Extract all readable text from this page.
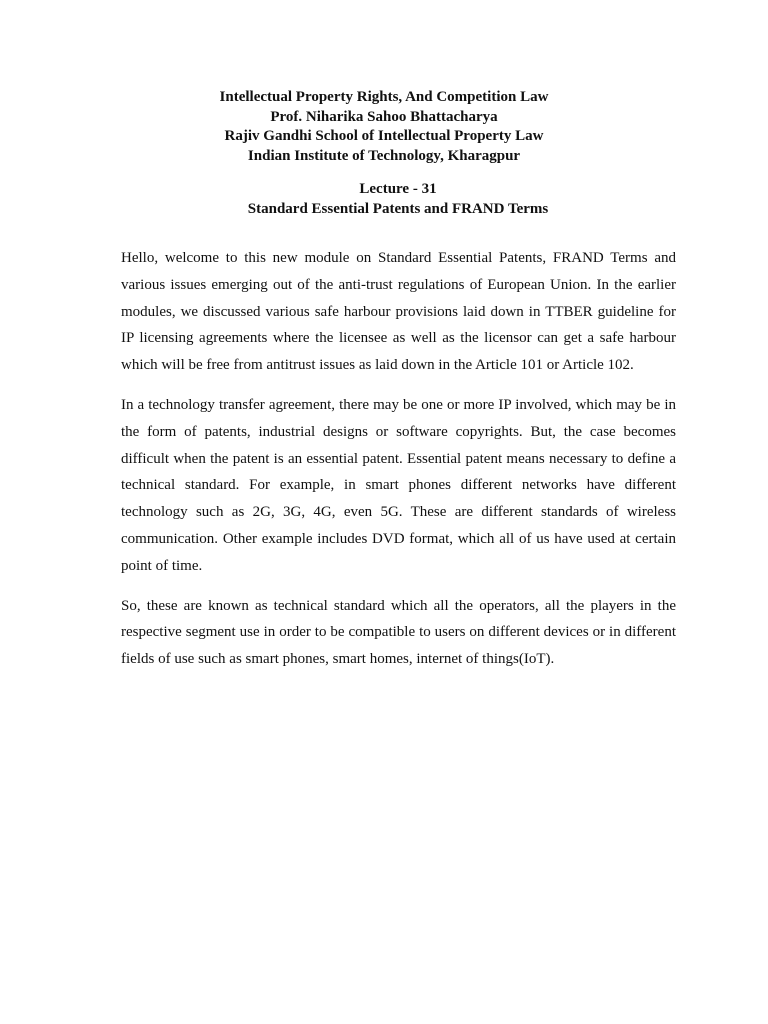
Intellectual Property Rights, And Competition Law
Prof. Niharika Sahoo Bhattacharya
Rajiv Gandhi School of Intellectual Property Law
Indian Institute of Technology, Kharagpur
Lecture - 31
Standard Essential Patents and FRAND Terms

Hello, welcome to this new module on Standard Essential Patents, FRAND Terms and various issues emerging out of the anti-trust regulations of European Union. In the earlier modules, we discussed various safe harbour provisions laid down in TTBER guideline for IP licensing agreements where the licensee as well as the licensor can get a safe harbour which will be free from antitrust issues as laid down in the Article 101 or Article 102.

In a technology transfer agreement, there may be one or more IP involved, which may be in the form of patents, industrial designs or software copyrights. But, the case becomes difficult when the patent is an essential patent. Essential patent means necessary to define a technical standard. For example, in smart phones different networks have different technology such as 2G, 3G, 4G, even 5G. These are different standards of wireless communication. Other example includes DVD format, which all of us have used at certain point of time.

So, these are known as technical standard which all the operators, all the players in the respective segment use in order to be compatible to users on different devices or in different fields of use such as smart phones, smart homes, internet of things(IoT).
